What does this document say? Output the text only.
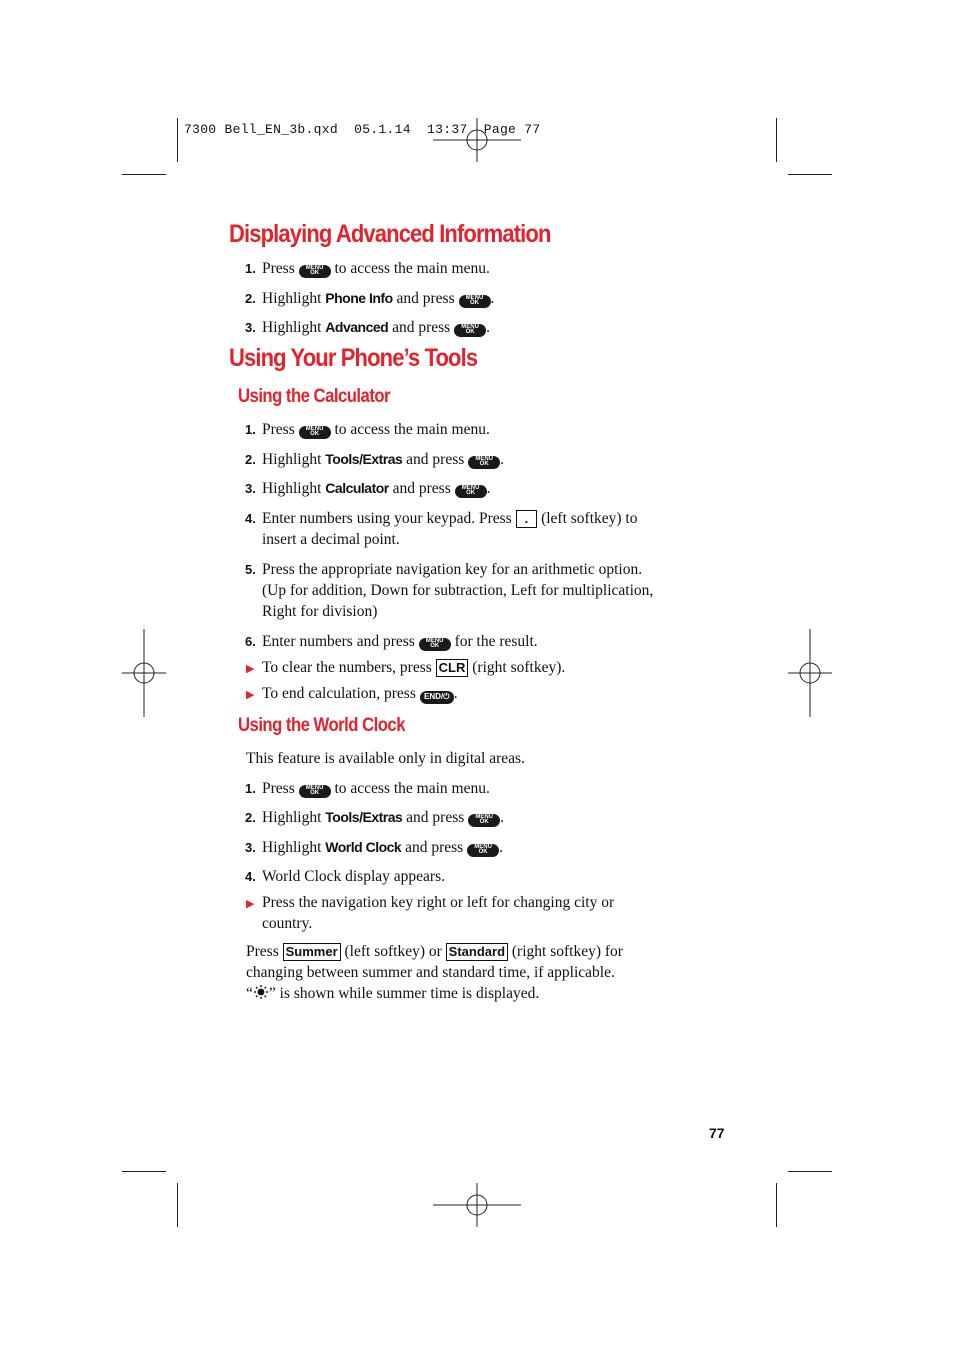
7300 Bell_EN_3b.qxd  05.1.14  13:37  Page 77
Displaying Advanced Information
1. Press MENU
OK to access the main menu.
2. Highlight Phone Info and press MENU
OK .
3. Highlight Advanced and press MENU
OK .
Using Your Phone’s Tools
Using the Calculator
1. Press MENU
OK to access the main menu.
2. Highlight Tools/Extras and press MENU
OK .
3. Highlight Calculator and press MENU
OK .
4. Enter numbers using your keypad. Press . (left softkey) to
insert a decimal point.
5. Press the appropriate navigation key for an arithmetic option.
(Up for addition, Down for subtraction, Left for multiplication,
Right for division)
6. Enter numbers and press MENU
OK for the result.
▶ To clear the numbers, press CLR (right softkey).
▶ To end calculation, press END/⏻ .
Using the World Clock
This feature is available only in digital areas.
1. Press MENU
OK to access the main menu.
2. Highlight Tools/Extras and press MENU
OK .
3. Highlight World Clock and press MENU
OK .
4. World Clock display appears.
▶ Press the navigation key right or left for changing city or
country.
Press Summer (left softkey) or Standard (right softkey) for
changing between summer and standard time, if applicable.
“ ” is shown while summer time is displayed.
77
